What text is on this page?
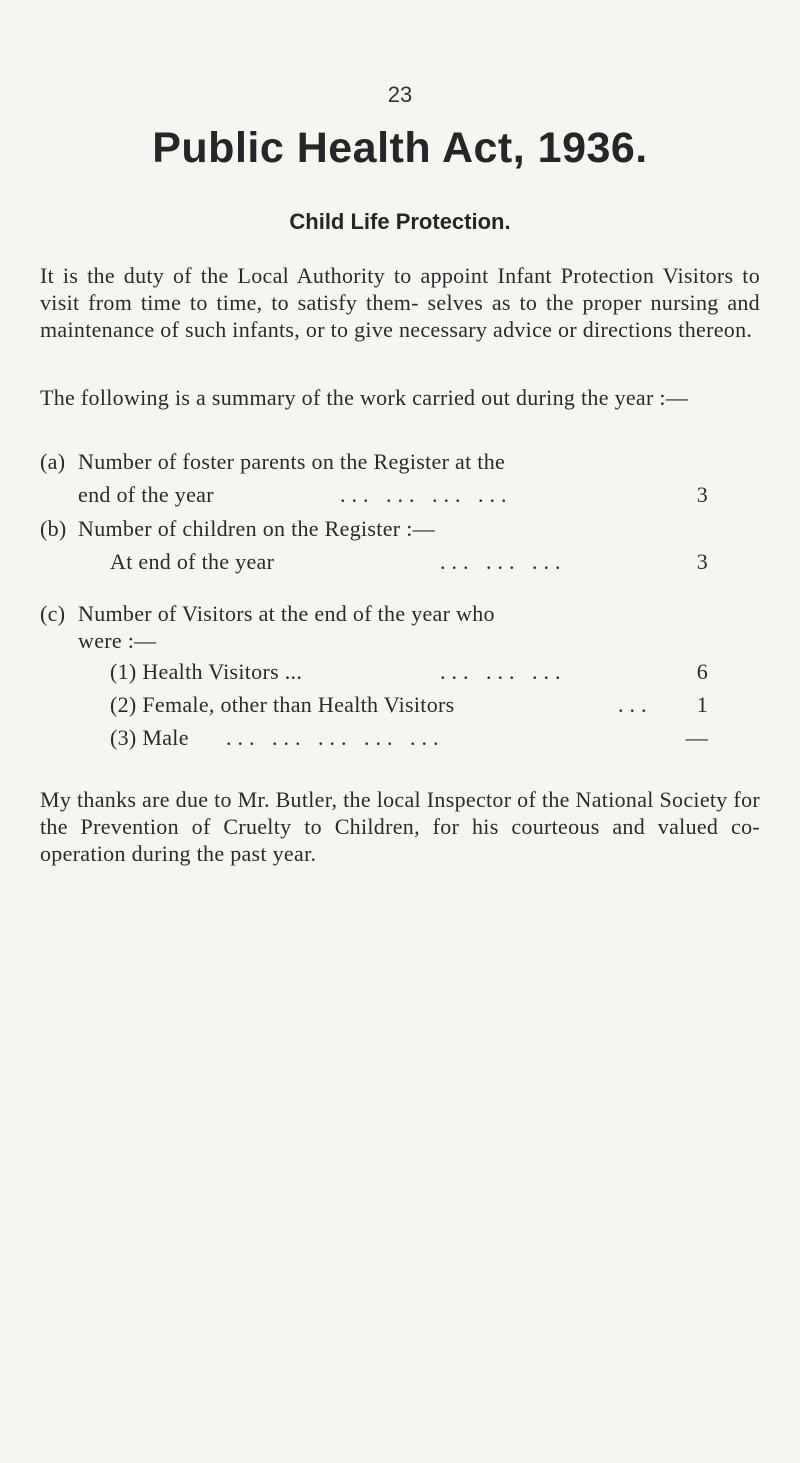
23
Public Health Act, 1936.
Child Life Protection.
It is the duty of the Local Authority to appoint Infant Protection Visitors to visit from time to time, to satisfy them- selves as to the proper nursing and maintenance of such infants, or to give necessary advice or directions thereon.
The following is a summary of the work carried out during the year :—
(a) Number of foster parents on the Register at the
end of the year	... ... ... ...	3
(b) Number of children on the Register :—
At end of the year	... ... ...	3
(c) Number of Visitors at the end of the year who
were :—
(1) Health Visitors ...	... ... ...	6
(2) Female, other than Health Visitors	...	1
(3) Male ... ... ... ... ...	—
My thanks are due to Mr. Butler, the local Inspector of the National Society for the Prevention of Cruelty to Children, for his courteous and valued co-operation during the past year.
